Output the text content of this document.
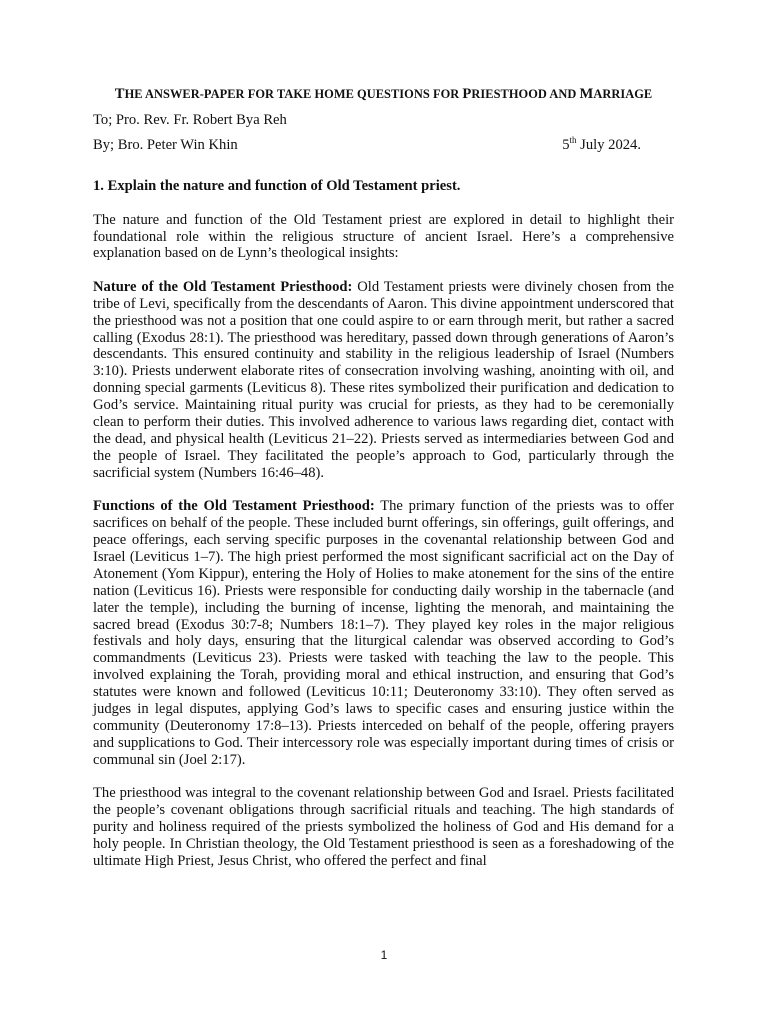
THE ANSWER-PAPER FOR TAKE HOME QUESTIONS FOR PRIESTHOOD AND MARRIAGE

To; Pro. Rev. Fr. Robert Bya Reh

By; Bro. Peter Win Khin	5th July 2024.

1. Explain the nature and function of Old Testament priest.

The nature and function of the Old Testament priest are explored in detail to highlight their foundational role within the religious structure of ancient Israel. Here’s a comprehensive explanation based on de Lynn’s theological insights:

Nature of the Old Testament Priesthood: Old Testament priests were divinely chosen from the tribe of Levi, specifically from the descendants of Aaron. This divine appointment underscored that the priesthood was not a position that one could aspire to or earn through merit, but rather a sacred calling (Exodus 28:1). The priesthood was hereditary, passed down through generations of Aaron’s descendants. This ensured continuity and stability in the religious leadership of Israel (Numbers 3:10). Priests underwent elaborate rites of consecration involving washing, anointing with oil, and donning special garments (Leviticus 8). These rites symbolized their purification and dedication to God’s service. Maintaining ritual purity was crucial for priests, as they had to be ceremonially clean to perform their duties. This involved adherence to various laws regarding diet, contact with the dead, and physical health (Leviticus 21–22). Priests served as intermediaries between God and the people of Israel. They facilitated the people’s approach to God, particularly through the sacrificial system (Numbers 16:46–48).

Functions of the Old Testament Priesthood: The primary function of the priests was to offer sacrifices on behalf of the people. These included burnt offerings, sin offerings, guilt offerings, and peace offerings, each serving specific purposes in the covenantal relationship between God and Israel (Leviticus 1–7). The high priest performed the most significant sacrificial act on the Day of Atonement (Yom Kippur), entering the Holy of Holies to make atonement for the sins of the entire nation (Leviticus 16). Priests were responsible for conducting daily worship in the tabernacle (and later the temple), including the burning of incense, lighting the menorah, and maintaining the sacred bread (Exodus 30:7-8; Numbers 18:1–7). They played key roles in the major religious festivals and holy days, ensuring that the liturgical calendar was observed according to God’s commandments (Leviticus 23). Priests were tasked with teaching the law to the people. This involved explaining the Torah, providing moral and ethical instruction, and ensuring that God’s statutes were known and followed (Leviticus 10:11; Deuteronomy 33:10). They often served as judges in legal disputes, applying God’s laws to specific cases and ensuring justice within the community (Deuteronomy 17:8–13). Priests interceded on behalf of the people, offering prayers and supplications to God. Their intercessory role was especially important during times of crisis or communal sin (Joel 2:17).

The priesthood was integral to the covenant relationship between God and Israel. Priests facilitated the people’s covenant obligations through sacrificial rituals and teaching. The high standards of purity and holiness required of the priests symbolized the holiness of God and His demand for a holy people. In Christian theology, the Old Testament priesthood is seen as a foreshadowing of the ultimate High Priest, Jesus Christ, who offered the perfect and final

1
